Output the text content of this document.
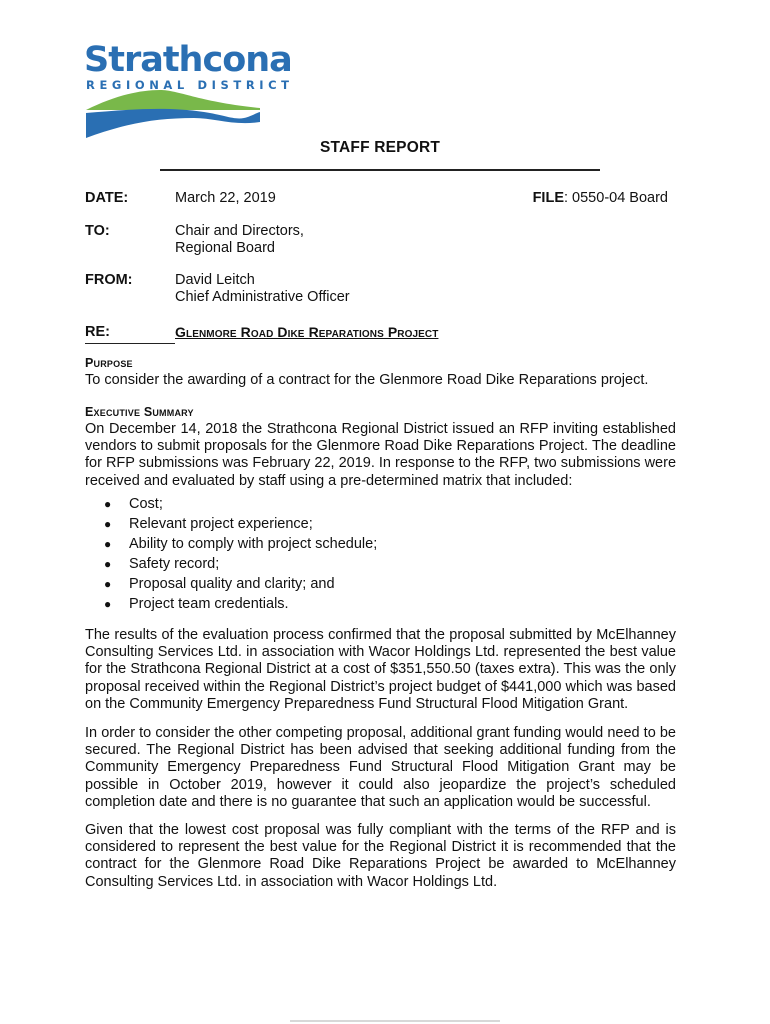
Strathcona
REGIONAL DISTRICT
STAFF REPORT
DATE:	March 22, 2019	FILE: 0550-04 Board
TO:	Chair and Directors,
Regional Board
FROM:	David Leitch
Chief Administrative Officer
RE:	Glenmore Road Dike Reparations Project
Purpose
To consider the awarding of a contract for the Glenmore Road Dike Reparations project.
Executive Summary
On December 14, 2018 the Strathcona Regional District issued an RFP inviting established vendors to submit proposals for the Glenmore Road Dike Reparations Project. The deadline for RFP submissions was February 22, 2019. In response to the RFP, two submissions were received and evaluated by staff using a pre-determined matrix that included:
● Cost;
● Relevant project experience;
● Ability to comply with project schedule;
● Safety record;
● Proposal quality and clarity; and
● Project team credentials.
The results of the evaluation process confirmed that the proposal submitted by McElhanney Consulting Services Ltd. in association with Wacor Holdings Ltd. represented the best value for the Strathcona Regional District at a cost of $351,550.50 (taxes extra). This was the only proposal received within the Regional District’s project budget of $441,000 which was based on the Community Emergency Preparedness Fund Structural Flood Mitigation Grant.
In order to consider the other competing proposal, additional grant funding would need to be secured. The Regional District has been advised that seeking additional funding from the Community Emergency Preparedness Fund Structural Flood Mitigation Grant may be possible in October 2019, however it could also jeopardize the project’s scheduled completion date and there is no guarantee that such an application would be successful.
Given that the lowest cost proposal was fully compliant with the terms of the RFP and is considered to represent the best value for the Regional District it is recommended that the contract for the Glenmore Road Dike Reparations Project be awarded to McElhanney Consulting Services Ltd. in association with Wacor Holdings Ltd.
